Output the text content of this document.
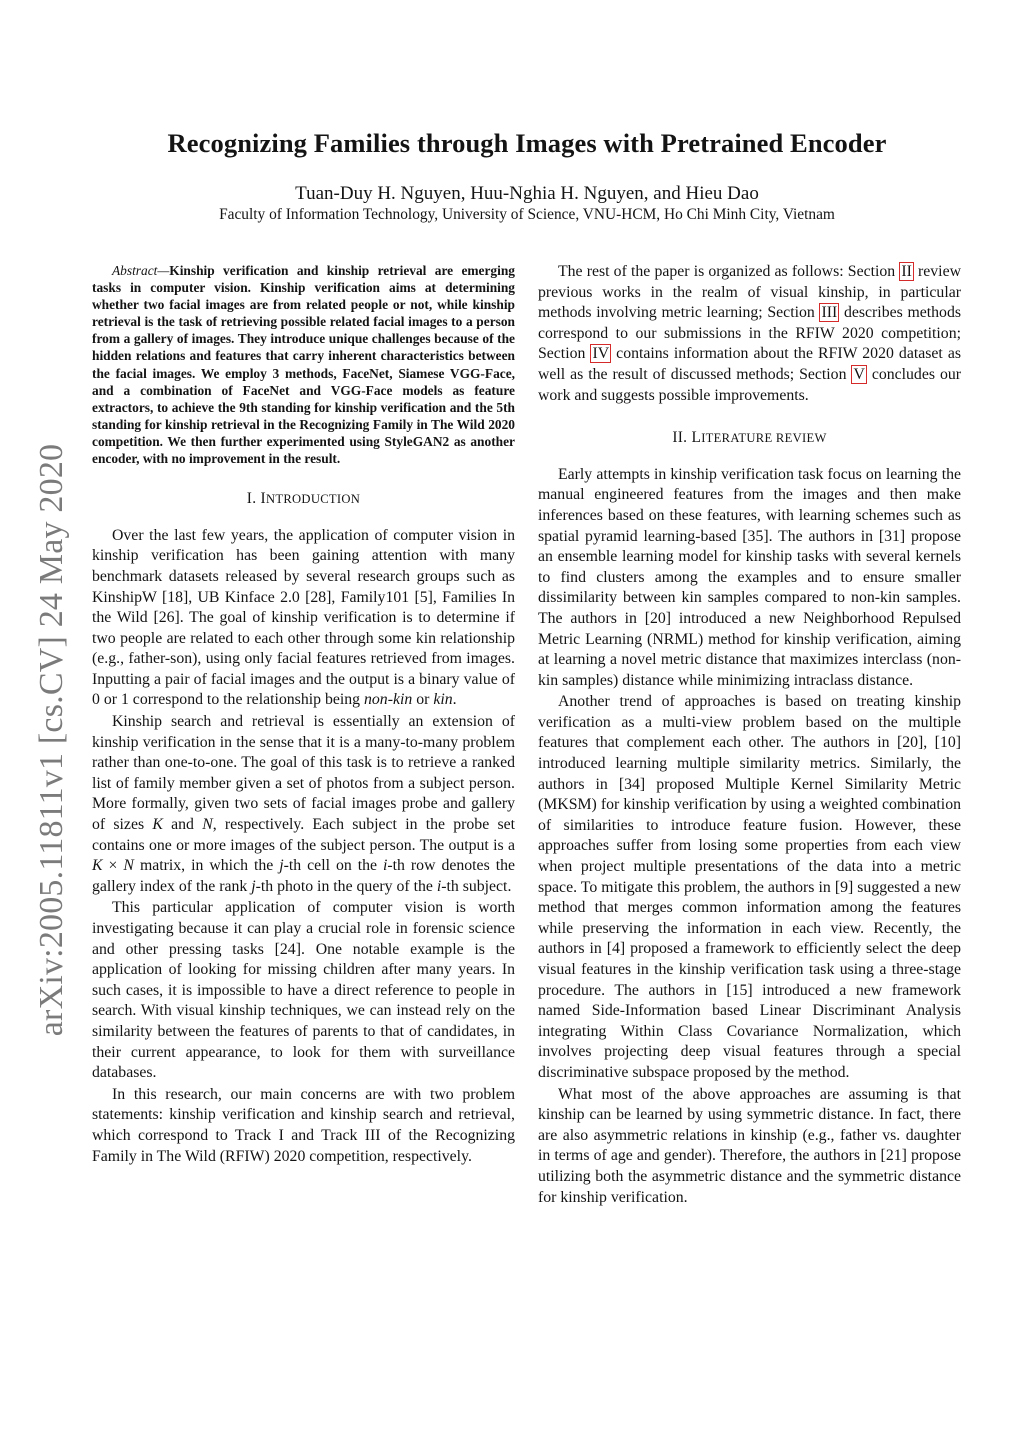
arXiv:2005.11811v1 [cs.CV] 24 May 2020
Recognizing Families through Images with Pretrained Encoder
Tuan-Duy H. Nguyen, Huu-Nghia H. Nguyen, and Hieu Dao
Faculty of Information Technology, University of Science, VNU-HCM, Ho Chi Minh City, Vietnam

Abstract—Kinship verification and kinship retrieval are emerging tasks in computer vision. Kinship verification aims at determining whether two facial images are from related people or not, while kinship retrieval is the task of retrieving possible related facial images to a person from a gallery of images. They introduce unique challenges because of the hidden relations and features that carry inherent characteristics between the facial images. We employ 3 methods, FaceNet, Siamese VGG-Face, and a combination of FaceNet and VGG-Face models as feature extractors, to achieve the 9th standing for kinship verification and the 5th standing for kinship retrieval in the Recognizing Family in The Wild 2020 competition. We then further experimented using StyleGAN2 as another encoder, with no improvement in the result.

I. INTRODUCTION

Over the last few years, the application of computer vision in kinship verification has been gaining attention with many benchmark datasets released by several research groups such as KinshipW [18], UB Kinface 2.0 [28], Family101 [5], Families In the Wild [26]. The goal of kinship verification is to determine if two people are related to each other through some kin relationship (e.g., father-son), using only facial features retrieved from images. Inputting a pair of facial images and the output is a binary value of 0 or 1 correspond to the relationship being non-kin or kin.

Kinship search and retrieval is essentially an extension of kinship verification in the sense that it is a many-to-many problem rather than one-to-one. The goal of this task is to retrieve a ranked list of family member given a set of photos from a subject person. More formally, given two sets of facial images probe and gallery of sizes K and N, respectively. Each subject in the probe set contains one or more images of the subject person. The output is a K × N matrix, in which the j-th cell on the i-th row denotes the gallery index of the rank j-th photo in the query of the i-th subject.

This particular application of computer vision is worth investigating because it can play a crucial role in forensic science and other pressing tasks [24]. One notable example is the application of looking for missing children after many years. In such cases, it is impossible to have a direct reference to people in search. With visual kinship techniques, we can instead rely on the similarity between the features of parents to that of candidates, in their current appearance, to look for them with surveillance databases.

In this research, our main concerns are with two problem statements: kinship verification and kinship search and retrieval, which correspond to Track I and Track III of the Recognizing Family in The Wild (RFIW) 2020 competition, respectively.

The rest of the paper is organized as follows: Section II review previous works in the realm of visual kinship, in particular methods involving metric learning; Section III describes methods correspond to our submissions in the RFIW 2020 competition; Section IV contains information about the RFIW 2020 dataset as well as the result of discussed methods; Section V concludes our work and suggests possible improvements.

II. LITERATURE REVIEW

Early attempts in kinship verification task focus on learning the manual engineered features from the images and then make inferences based on these features, with learning schemes such as spatial pyramid learning-based [35]. The authors in [31] propose an ensemble learning model for kinship tasks with several kernels to find clusters among the examples and to ensure smaller dissimilarity between kin samples compared to non-kin samples. The authors in [20] introduced a new Neighborhood Repulsed Metric Learning (NRML) method for kinship verification, aiming at learning a novel metric distance that maximizes interclass (non-kin samples) distance while minimizing intraclass distance.

Another trend of approaches is based on treating kinship verification as a multi-view problem based on the multiple features that complement each other. The authors in [20], [10] introduced learning multiple similarity metrics. Similarly, the authors in [34] proposed Multiple Kernel Similarity Metric (MKSM) for kinship verification by using a weighted combination of similarities to introduce feature fusion. However, these approaches suffer from losing some properties from each view when project multiple presentations of the data into a metric space. To mitigate this problem, the authors in [9] suggested a new method that merges common information among the features while preserving the information in each view. Recently, the authors in [4] proposed a framework to efficiently select the deep visual features in the kinship verification task using a three-stage procedure. The authors in [15] introduced a new framework named Side-Information based Linear Discriminant Analysis integrating Within Class Covariance Normalization, which involves projecting deep visual features through a special discriminative subspace proposed by the method.

What most of the above approaches are assuming is that kinship can be learned by using symmetric distance. In fact, there are also asymmetric relations in kinship (e.g., father vs. daughter in terms of age and gender). Therefore, the authors in [21] propose utilizing both the asymmetric distance and the symmetric distance for kinship verification.
